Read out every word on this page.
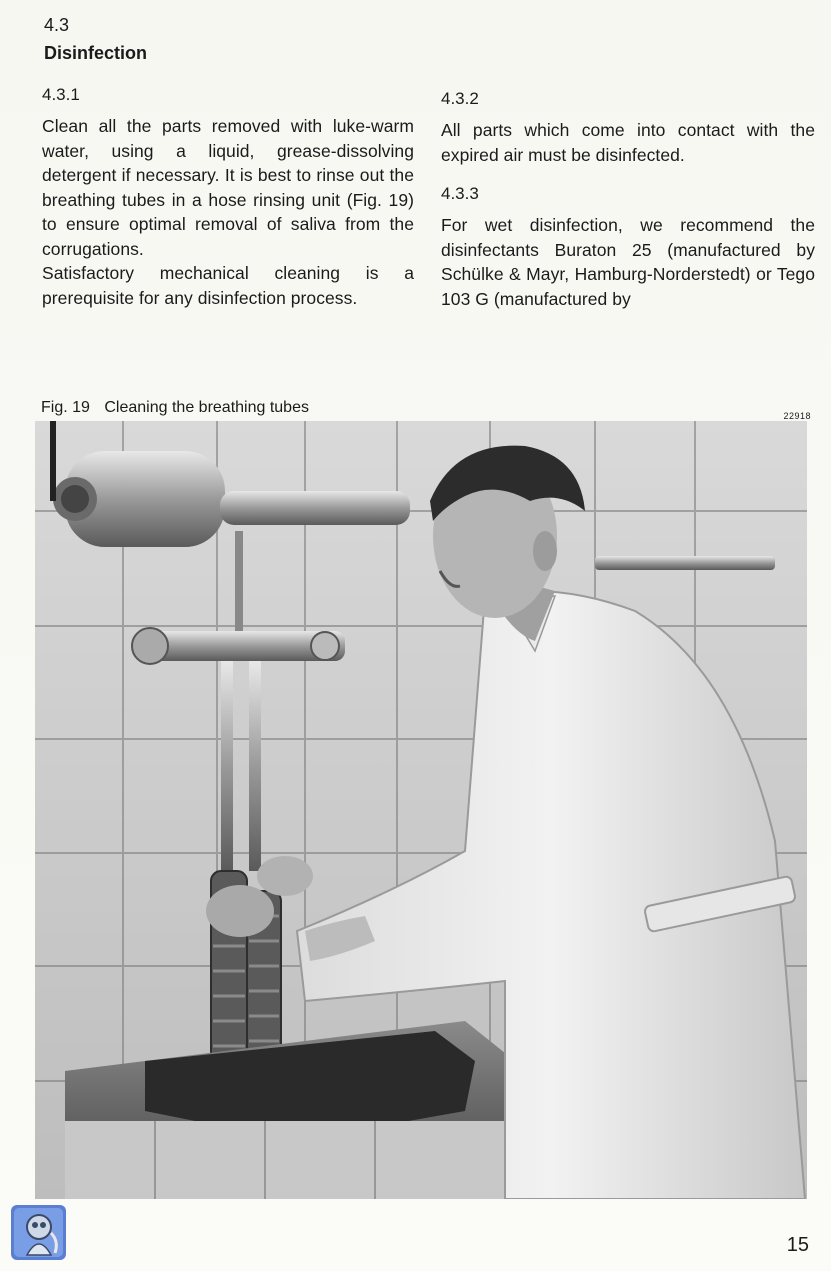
4.3
Disinfection
4.3.1

Clean all the parts removed with luke-warm water, using a liquid, grease-dissolving detergent if necessary. It is best to rinse out the breathing tubes in a hose rinsing unit (Fig. 19) to ensure optimal removal of saliva from the corrugations.

Satisfactory mechanical cleaning is a prerequisite for any disinfection process.

4.3.2

All parts which come into contact with the expired air must be disinfected.

4.3.3

For wet disinfection, we recommend the disinfectants Buraton 25 (manufactured by Schülke & Mayr, Hamburg-Norderstedt) or Tego 103 G (manufactured by

Fig. 19 Cleaning the breathing tubes	22918
15
